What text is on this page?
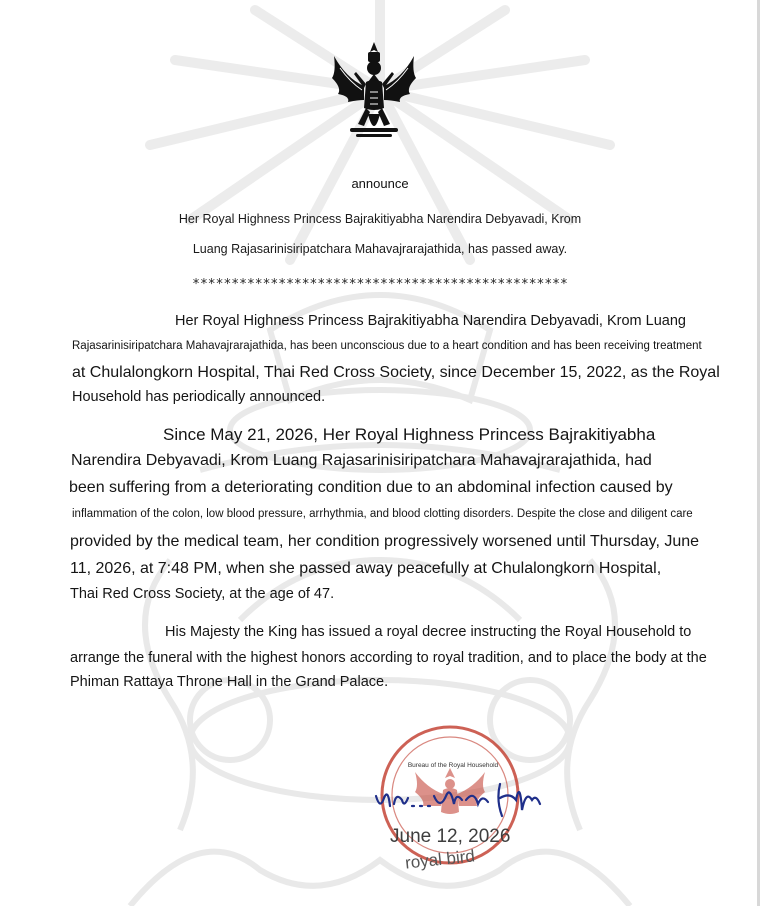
announce
Her Royal Highness Princess Bajrakitiyabha Narendira Debyavadi, Krom
Luang Rajasarinisiripatchara Mahavajrarajathida, has passed away.
************************************************
Her Royal Highness Princess Bajrakitiyabha Narendira Debyavadi, Krom Luang
Rajasarinisiripatchara Mahavajrarajathida, has been unconscious due to a heart condition and has been receiving treatment
at Chulalongkorn Hospital, Thai Red Cross Society, since December 15, 2022, as the Royal
Household has periodically announced.
Since May 21, 2026, Her Royal Highness Princess Bajrakitiyabha
Narendira Debyavadi, Krom Luang Rajasarinisiripatchara Mahavajrarajathida, had
been suffering from a deteriorating condition due to an abdominal infection caused by
inflammation of the colon, low blood pressure, arrhythmia, and blood clotting disorders. Despite the close and diligent care
provided by the medical team, her condition progressively worsened until Thursday, June
11, 2026, at 7:48 PM, when she passed away peacefully at Chulalongkorn Hospital,
Thai Red Cross Society, at the age of 47.
His Majesty the King has issued a royal decree instructing the Royal Household to
arrange the funeral with the highest honors according to royal tradition, and to place the body at the
Phiman Rattaya Throne Hall in the Grand Palace.
Bureau of the Royal Household
June 12, 2026
royal bird
